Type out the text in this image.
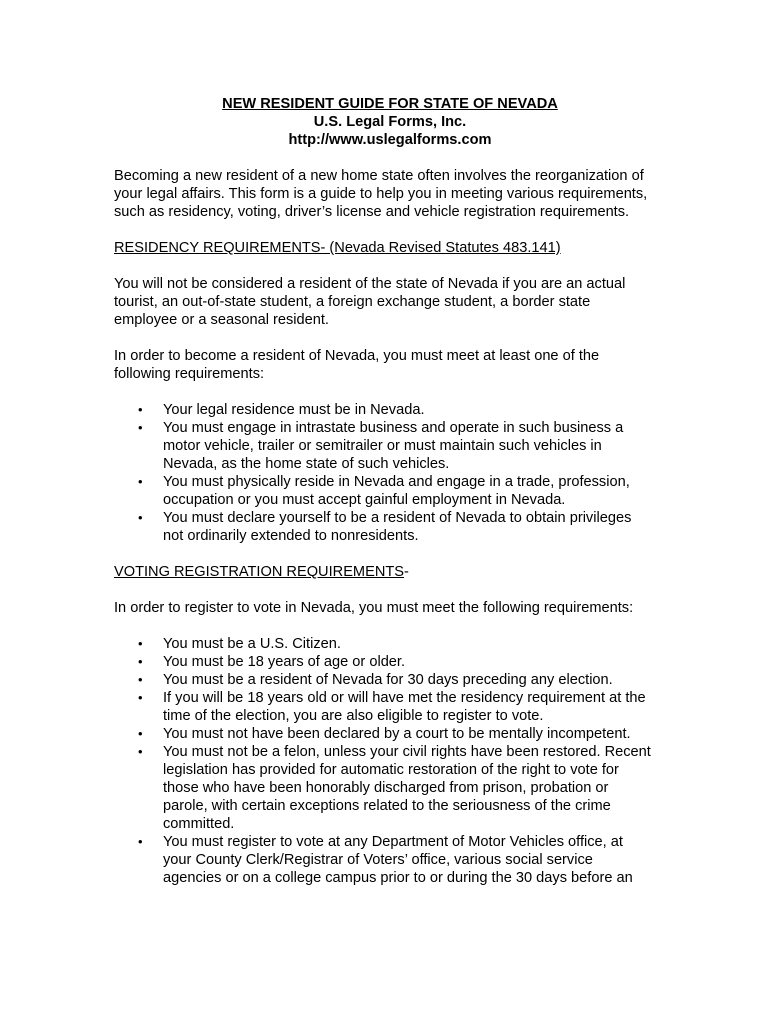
NEW RESIDENT GUIDE FOR STATE OF NEVADA
U.S. Legal Forms, Inc.
http://www.uslegalforms.com

Becoming a new resident of a new home state often involves the reorganization of your legal affairs. This form is a guide to help you in meeting various requirements, such as residency, voting, driver’s license and vehicle registration requirements.

RESIDENCY REQUIREMENTS- (Nevada Revised Statutes 483.141)

You will not be considered a resident of the state of Nevada if you are an actual tourist, an out-of-state student, a foreign exchange student, a border state employee or a seasonal resident.

In order to become a resident of Nevada, you must meet at least one of the following requirements:

• Your legal residence must be in Nevada.
• You must engage in intrastate business and operate in such business a motor vehicle, trailer or semitrailer or must maintain such vehicles in Nevada, as the home state of such vehicles.
• You must physically reside in Nevada and engage in a trade, profession, occupation or you must accept gainful employment in Nevada.
• You must declare yourself to be a resident of Nevada to obtain privileges not ordinarily extended to nonresidents.

VOTING REGISTRATION REQUIREMENTS-

In order to register to vote in Nevada, you must meet the following requirements:

• You must be a U.S. Citizen.
• You must be 18 years of age or older.
• You must be a resident of Nevada for 30 days preceding any election.
• If you will be 18 years old or will have met the residency requirement at the time of the election, you are also eligible to register to vote.
• You must not have been declared by a court to be mentally incompetent.
• You must not be a felon, unless your civil rights have been restored. Recent legislation has provided for automatic restoration of the right to vote for those who have been honorably discharged from prison, probation or parole, with certain exceptions related to the seriousness of the crime committed.
• You must register to vote at any Department of Motor Vehicles office, at your County Clerk/Registrar of Voters’ office, various social service agencies or on a college campus prior to or during the 30 days before an
